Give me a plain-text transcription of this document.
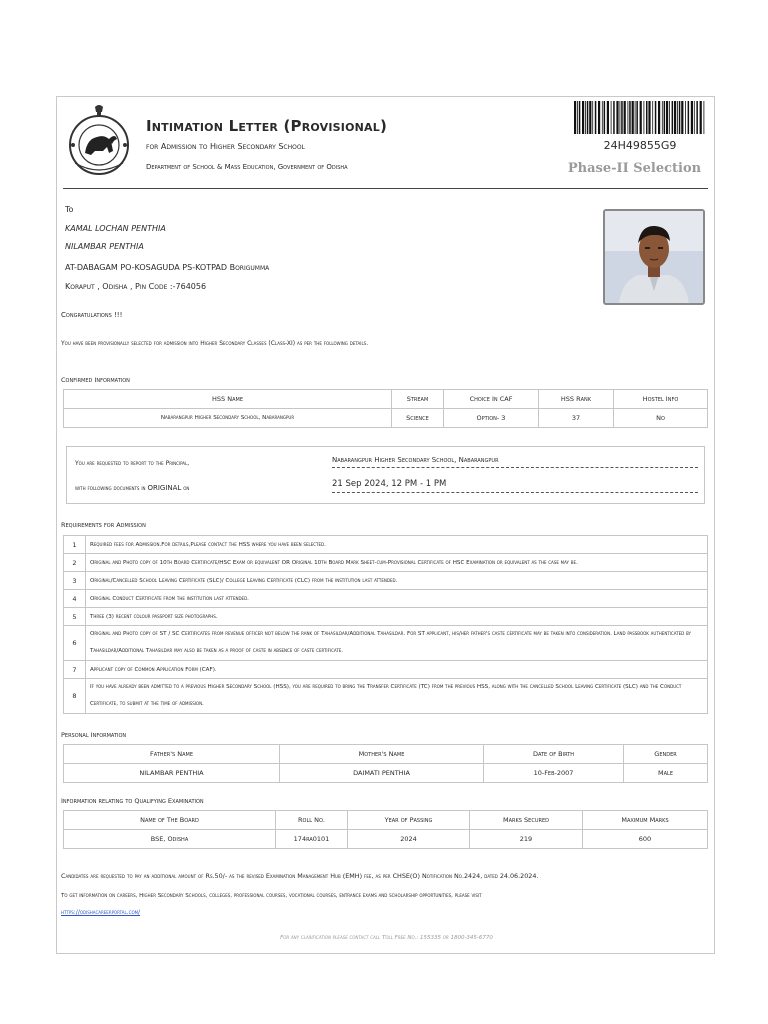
Intimation Letter (Provisional)
for Admission to Higher Secondary School
Department of School & Mass Education, Government of Odisha
24H49855G9
Phase-II Selection
To
KAMAL LOCHAN PENTHIA
NILAMBAR PENTHIA
AT-DABAGAM PO-KOSAGUDA PS-KOTPAD Borigumma
Koraput , Odisha , Pin Code :-764056
Congratulations !!!
You have been provisionally selected for admission into Higher Secondary Classes (Class-XI) as per the following details.
Confirmed Information
HSS Name	Stream	Choice In CAF	HSS Rank	Hostel Info
Nabarangpur Higher Secondary School, Nabarangpur	Science	Option- 3	37	No
You are requested to report to the Principal,
with following documents in ORIGINAL on
Nabarangpur Higher Secondary School, Nabarangpur
21 Sep 2024, 12 PM - 1 PM
Requirements for Admission
1	Required fees for Admission.For details,Please contact the HSS where you have been selected.
2	Original and Photo copy of 10th Board Certificate/HSC Exam or equivalent OR Original 10th Board Mark Sheet-cum-Provisional Certificate of HSC Examination or equivalent as the case may be.
3	Original/Cancelled School Leaving Certificate (SLC)/ College Leaving Certificate (CLC) from the institution last attended.
4	Original Conduct Certificate from the institution last attended.
5	Three (3) recent colour passport size photographs.
6	Original and Photo copy of ST / SC Certificates from revenue officer not below the rank of Tahasildar/Additional Tahasildar. For ST applicant, his/her father's caste certificate may be taken into consideration. Land passbook authenticated by Tahasildar/Additional Tahasildar may also be taken as a proof of caste in absence of caste certificate.
7	Applicant copy of Common Application Form (CAF).
8	If you have already been admitted to a previous Higher Secondary School (HSS), you are required to bring the Transfer Certificate (TC) from the previous HSS, along with the cancelled School Leaving Certificate (SLC) and the Conduct Certificate, to submit at the time of admission.
Personal Information
Father's Name	Mother's Name	Date of Birth	Gender
NILAMBAR PENTHIA	DAIMATI PENTHIA	10-Feb-2007	Male
Information relating to Qualifying Examination
Name of The Board	Roll No.	Year of Passing	Marks Secured	Maximum Marks
BSE, Odisha	174ra0101	2024	219	600
Candidates are requested to pay an additional amount of Rs.50/- as the revised Examination Management Hub (EMH) fee, as per CHSE(O) Notification No.2424, dated 24.06.2024.
To get information on careers, Higher Secondary Schools, colleges, professional courses, vocational courses, entrance exams and scholarship opportunities, please visit
https://odishacareerportal.com/
For any clarification please contact call Toll Free No.: 155335 or 1800-345-6770
